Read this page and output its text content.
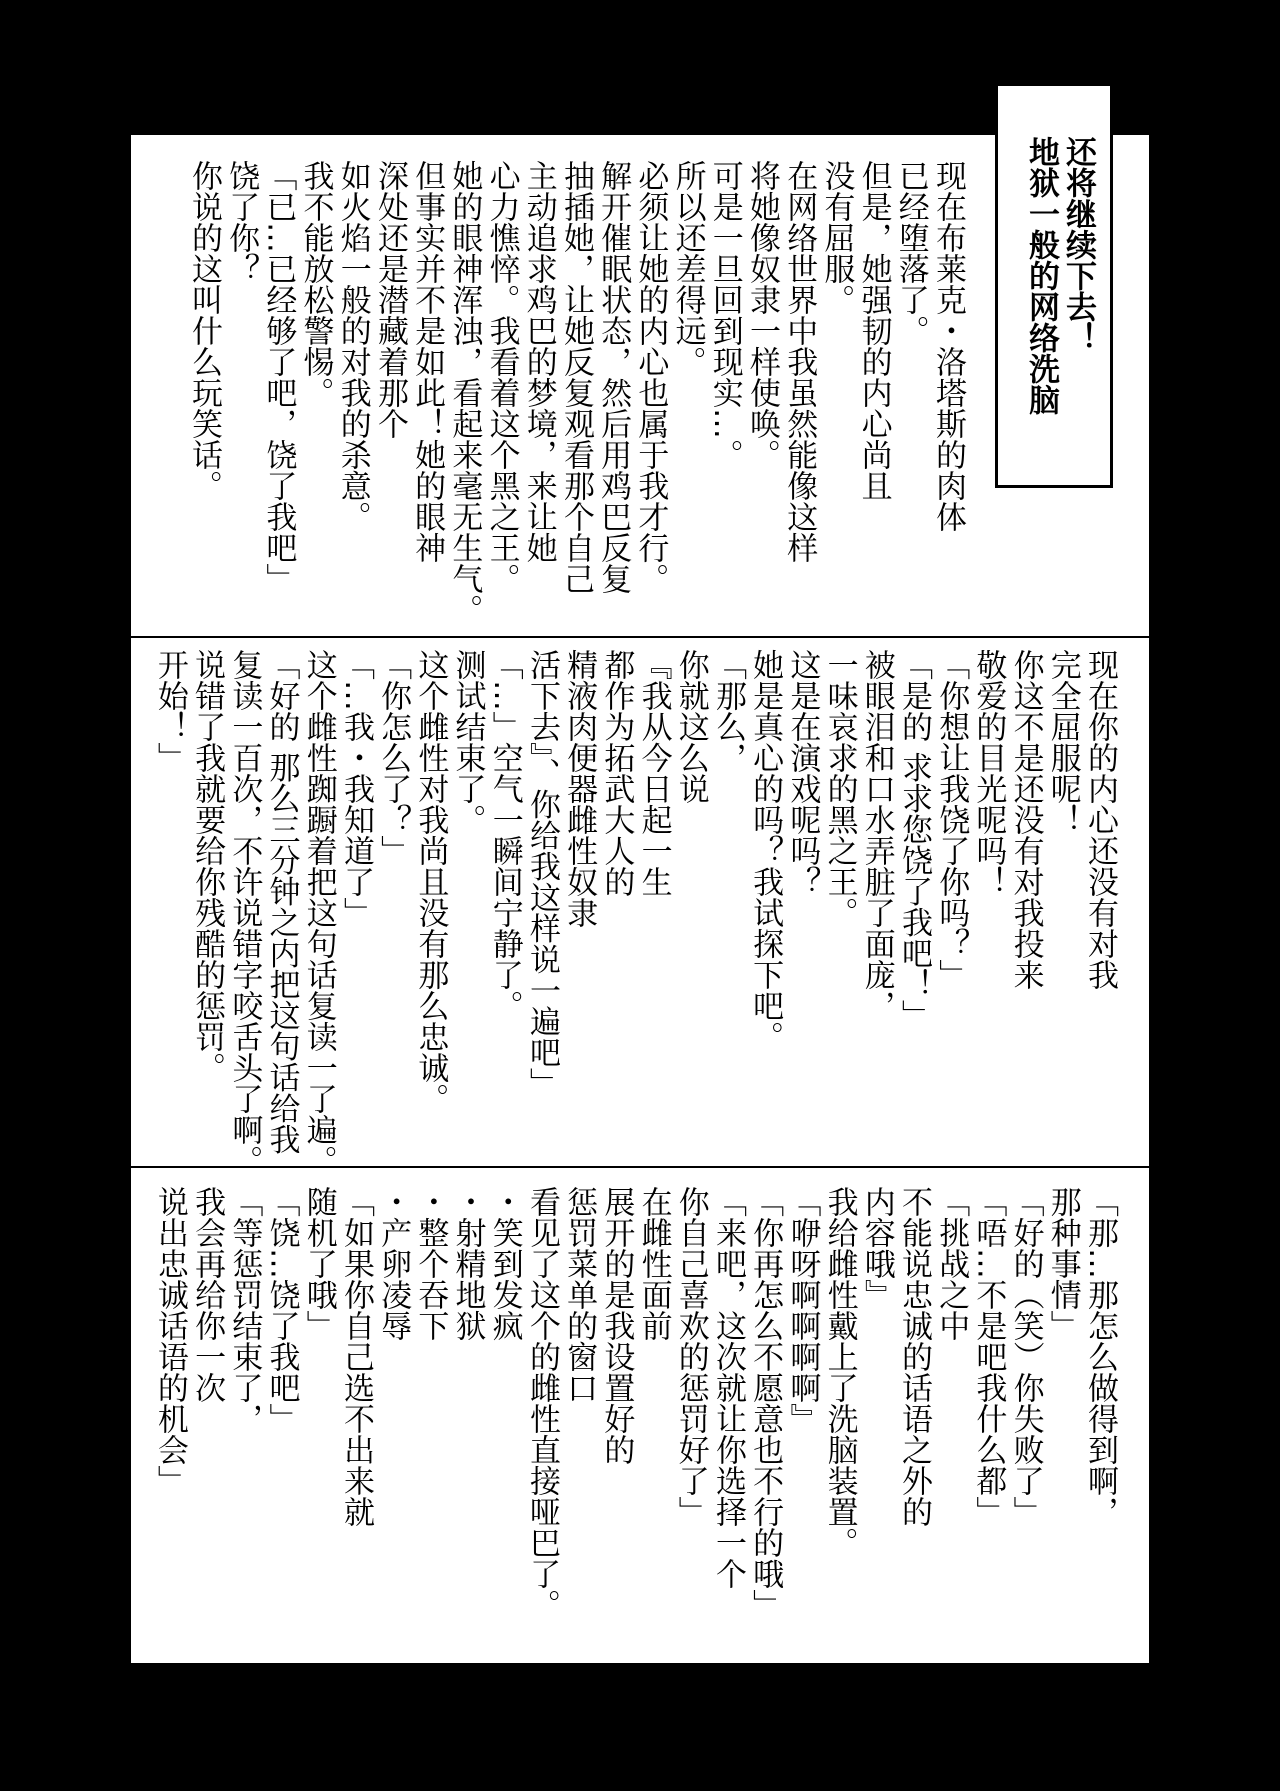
还将继续下去！
地狱一般的网络洗脑
现在布莱克・洛塔斯的肉体
已经堕落了。
但是，她强韧的内心尚且
没有屈服。
在网络世界中我虽然能像这样
将她像奴隶一样使唤。
可是一旦回到现实…。
所以还差得远。
必须让她的内心也属于我才行。
解开催眠状态，然后用鸡巴反复
抽插她，让她反复观看那个自己
主动追求鸡巴的梦境，来让她
心力憔悴。我看着这个黑之王。
她的眼神浑浊，看起来毫无生气。
但事实并不是如此！她的眼神
深处还是潜藏着那个
如火焰一般的对我的杀意。
我不能放松警惕。
「已…已经够了吧，饶了我吧」
饶了你？
你说的这叫什么玩笑话。
现在你的内心还没有对我
完全屈服呢！
你这不是还没有对我投来
敬爱的目光呢吗！
「你想让我饶了你吗？」
「是的 求求您饶了我吧！」
被眼泪和口水弄脏了面庞，
一味哀求的黑之王。
这是在演戏呢吗？
她是真心的吗？我试探下吧。
「那么，
你就这么说
『我从今日起一生
都作为拓武大人的
精液肉便器雌性奴隶
活下去』、你给我这样说一遍吧」
「…」空气一瞬间宁静了。
测试结束了。
这个雌性对我尚且没有那么忠诚。
「你怎么了？」
「…我・我知道了」
这个雌性踟蹰着把这句话复读一了遍。
「好的 那么三分钟之内把这句话给我
复读一百次，不许说错字咬舌头了啊。
说错了我就要给你残酷的惩罚。
开始！」
「那…那怎么做得到啊，
那种事情」
「好的（笑）你失败了」
「唔…不是吧我什么都」
「挑战之中
不能说忠诚的话语之外的
内容哦』
我给雌性戴上了洗脑装置。
「咿呀啊啊啊啊』
「你再怎么不愿意也不行的哦」
「来吧，这次就让你选择一个
你自己喜欢的惩罚好了」
在雌性面前
展开的是我设置好的
惩罚菜单的窗口
看见了这个的雌性直接哑巴了。
・笑到发疯
・射精地狱
・整个吞下
・产卵凌辱
「如果你自己选不出来就
随机了哦」
「饶…饶了我吧」
「等惩罚结束了，
我会再给你一次
说出忠诚话语的机会」
